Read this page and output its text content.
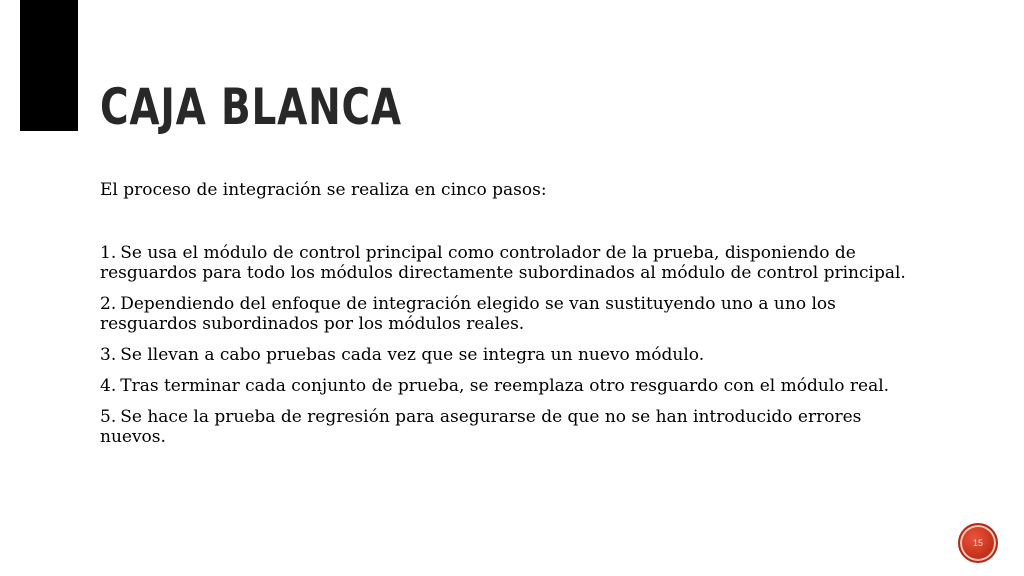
CAJA BLANCA

El proceso de integración se realiza en cinco pasos:

1. Se usa el módulo de control principal como controlador de la prueba, disponiendo de resguardos para todo los módulos directamente subordinados al módulo de control principal.

2. Dependiendo del enfoque de integración elegido se van sustituyendo uno a uno los resguardos subordinados por los módulos reales.

3. Se llevan a cabo pruebas cada vez que se integra un nuevo módulo.

4. Tras terminar cada conjunto de prueba, se reemplaza otro resguardo con el módulo real.

5. Se hace la prueba de regresión para asegurarse de que no se han introducido errores nuevos.

15
